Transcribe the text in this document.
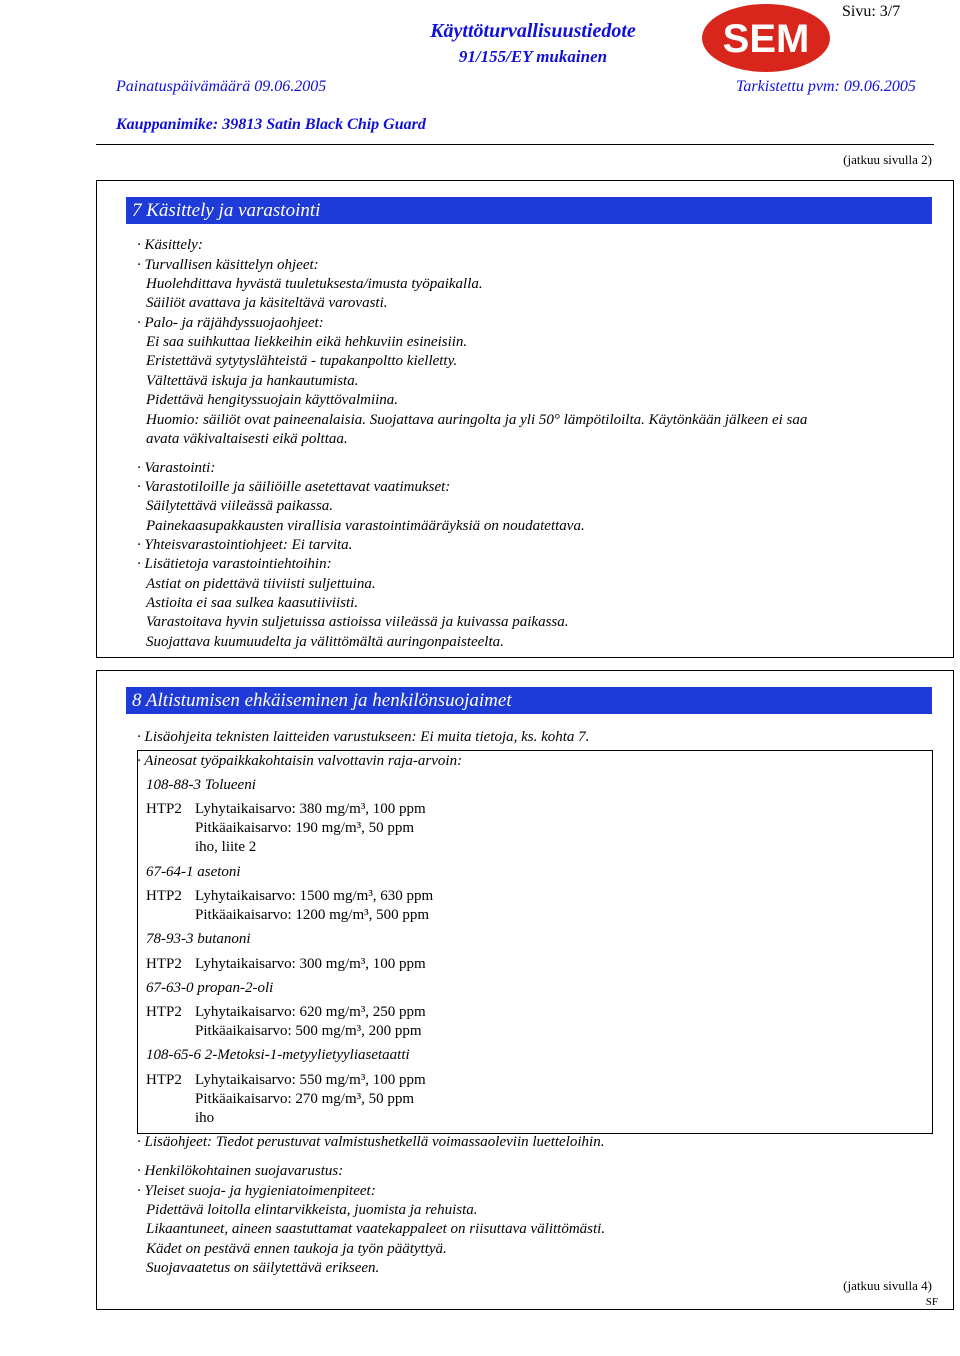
Sivu: 3/7
Käyttöturvallisuustiedote
91/155/EY mukainen	SEM
Painatuspäivämäärä 09.06.2005	Tarkistettu pvm: 09.06.2005
Kauppanimike: 39813 Satin Black Chip Guard
(jatkuu sivulla 2)
7 Käsittely ja varastointi
· Käsittely:
· Turvallisen käsittelyn ohjeet:
Huolehdittava hyvästä tuuletuksesta/imusta työpaikalla.
Säiliöt avattava ja käsiteltävä varovasti.
· Palo- ja räjähdyssuojaohjeet:
Ei saa suihkuttaa liekkeihin eikä hehkuviin esineisiin.
Eristettävä sytytyslähteistä - tupakanpoltto kielletty.
Vältettävä iskuja ja hankautumista.
Pidettävä hengityssuojain käyttövalmiina.
Huomio: säiliöt ovat paineenalaisia. Suojattava auringolta ja yli 50° lämpötiloilta. Käytönkään jälkeen ei saa
avata väkivaltaisesti eikä polttaa.
· Varastointi:
· Varastotiloille ja säiliöille asetettavat vaatimukset:
Säilytettävä viileässä paikassa.
Painekaasupakkausten virallisia varastointimääräyksiä on noudatettava.
· Yhteisvarastointiohjeet: Ei tarvita.
· Lisätietoja varastointiehtoihin:
Astiat on pidettävä tiiviisti suljettuina.
Astioita ei saa sulkea kaasutiiviisti.
Varastoitava hyvin suljetuissa astioissa viileässä ja kuivassa paikassa.
Suojattava kuumuudelta ja välittömältä auringonpaisteelta.
8 Altistumisen ehkäiseminen ja henkilönsuojaimet
· Lisäohjeita teknisten laitteiden varustukseen: Ei muita tietoja, ks. kohta 7.
· Aineosat työpaikkakohtaisin valvottavin raja-arvoin:
108-88-3 Tolueeni
HTP2 Lyhytaikaisarvo: 380 mg/m³, 100 ppm
Pitkäaikaisarvo: 190 mg/m³, 50 ppm
iho, liite 2
67-64-1 asetoni
HTP2 Lyhytaikaisarvo: 1500 mg/m³, 630 ppm
Pitkäaikaisarvo: 1200 mg/m³, 500 ppm
78-93-3 butanoni
HTP2 Lyhytaikaisarvo: 300 mg/m³, 100 ppm
67-63-0 propan-2-oli
HTP2 Lyhytaikaisarvo: 620 mg/m³, 250 ppm
Pitkäaikaisarvo: 500 mg/m³, 200 ppm
108-65-6 2-Metoksi-1-metyylietyyliasetaatti
HTP2 Lyhytaikaisarvo: 550 mg/m³, 100 ppm
Pitkäaikaisarvo: 270 mg/m³, 50 ppm
iho
· Lisäohjeet: Tiedot perustuvat valmistushetkellä voimassaoleviin luetteloihin.
· Henkilökohtainen suojavarustus:
· Yleiset suoja- ja hygieniatoimenpiteet:
Pidettävä loitolla elintarvikkeista, juomista ja rehuista.
Likaantuneet, aineen saastuttamat vaatekappaleet on riisuttava välittömästi.
Kädet on pestävä ennen taukoja ja työn päätyttyä.
Suojavaatetus on säilytettävä erikseen.
(jatkuu sivulla 4)
SF
